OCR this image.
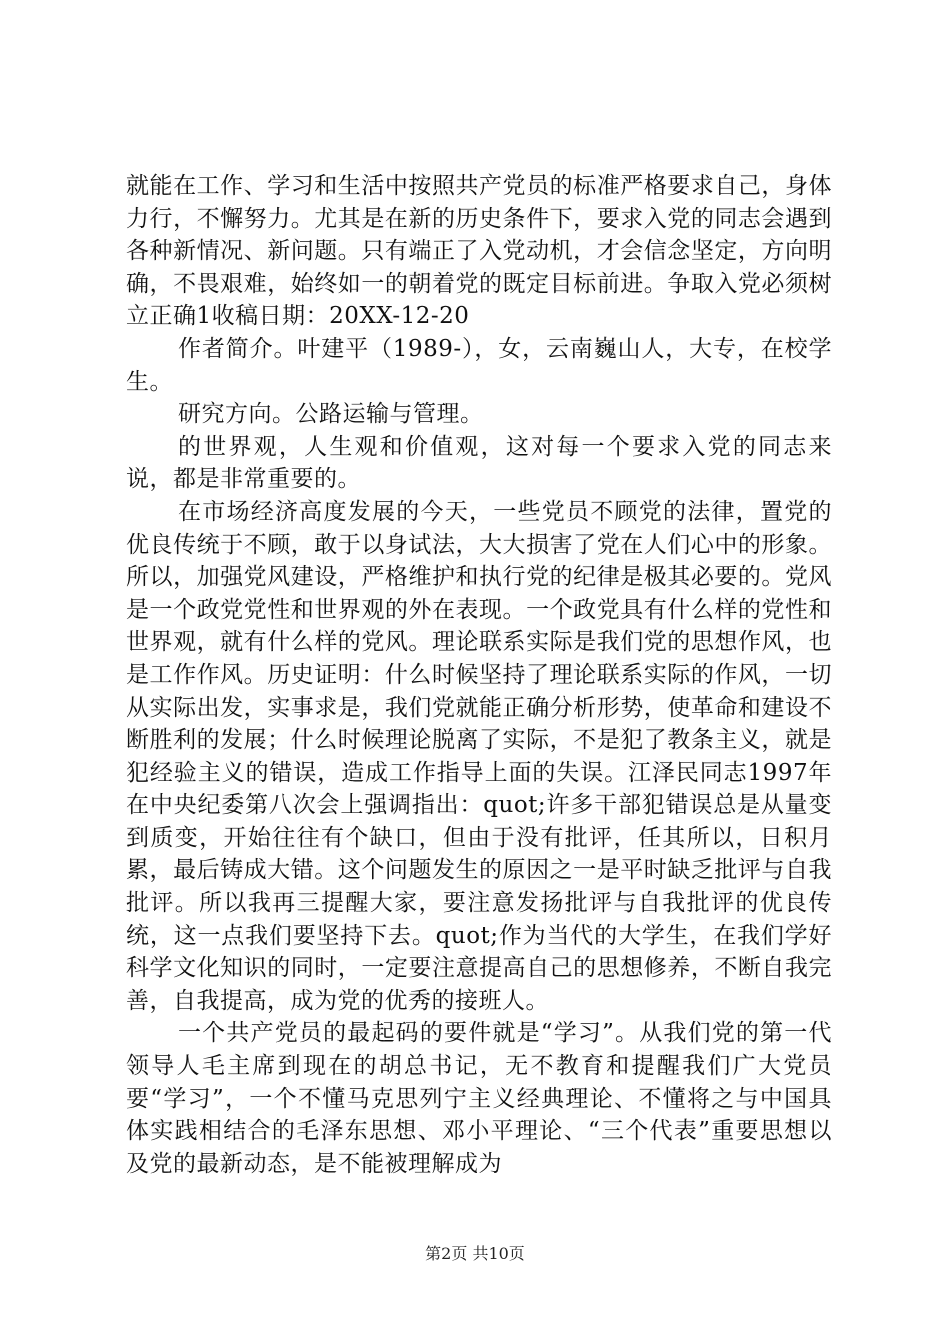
就能在工作、学习和生活中按照共产党员的标准严格要求自己，身体力行，不懈努力。尤其是在新的历史条件下，要求入党的同志会遇到各种新情况、新问题。只有端正了入党动机，才会信念坚定，方向明确，不畏艰难，始终如一的朝着党的既定目标前进。争取入党必须树立正确1收稿日期：20XX-12-20

作者简介。叶建平（1989-），女，云南巍山人，大专，在校学生。

研究方向。公路运输与管理。

的世界观，人生观和价值观，这对每一个要求入党的同志来说，都是非常重要的。

在市场经济高度发展的今天，一些党员不顾党的法律，置党的优良传统于不顾，敢于以身试法，大大损害了党在人们心中的形象。所以，加强党风建设，严格维护和执行党的纪律是极其必要的。党风是一个政党党性和世界观的外在表现。一个政党具有什么样的党性和世界观，就有什么样的党风。理论联系实际是我们党的思想作风，也是工作作风。历史证明：什么时候坚持了理论联系实际的作风，一切从实际出发，实事求是，我们党就能正确分析形势，使革命和建设不断胜利的发展；什么时候理论脱离了实际，不是犯了教条主义，就是犯经验主义的错误，造成工作指导上面的失误。江泽民同志1997年在中央纪委第八次会上强调指出：quot;许多干部犯错误总是从量变到质变，开始往往有个缺口，但由于没有批评，任其所以，日积月累，最后铸成大错。这个问题发生的原因之一是平时缺乏批评与自我批评。所以我再三提醒大家，要注意发扬批评与自我批评的优良传统，这一点我们要坚持下去。quot;作为当代的大学生，在我们学好科学文化知识的同时，一定要注意提高自己的思想修养，不断自我完善，自我提高，成为党的优秀的接班人。

一个共产党员的最起码的要件就是“学习”。从我们党的第一代领导人毛主席到现在的胡总书记，无不教育和提醒我们广大党员要“学习”，一个不懂马克思列宁主义经典理论、不懂将之与中国具体实践相结合的毛泽东思想、邓小平理论、“三个代表”重要思想以及党的最新动态，是不能被理解成为

第2页 共10页
